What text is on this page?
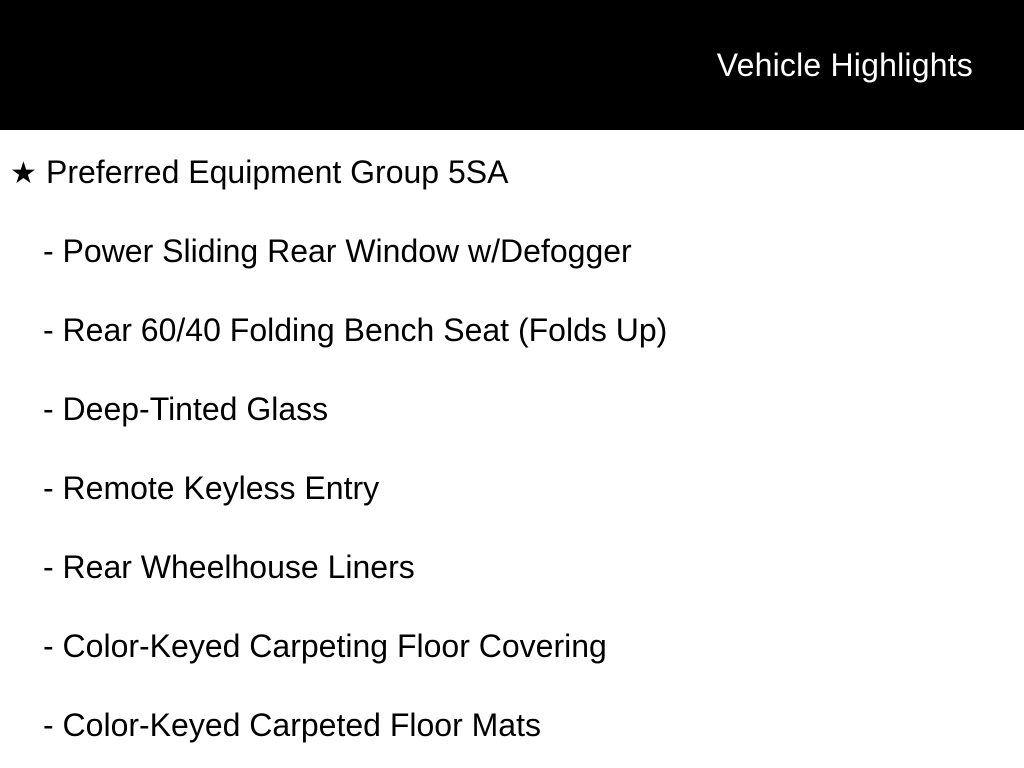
Vehicle Highlights
★ Preferred Equipment Group 5SA
- Power Sliding Rear Window w/Defogger
- Rear 60/40 Folding Bench Seat (Folds Up)
- Deep-Tinted Glass
- Remote Keyless Entry
- Rear Wheelhouse Liners
- Color-Keyed Carpeting Floor Covering
- Color-Keyed Carpeted Floor Mats
